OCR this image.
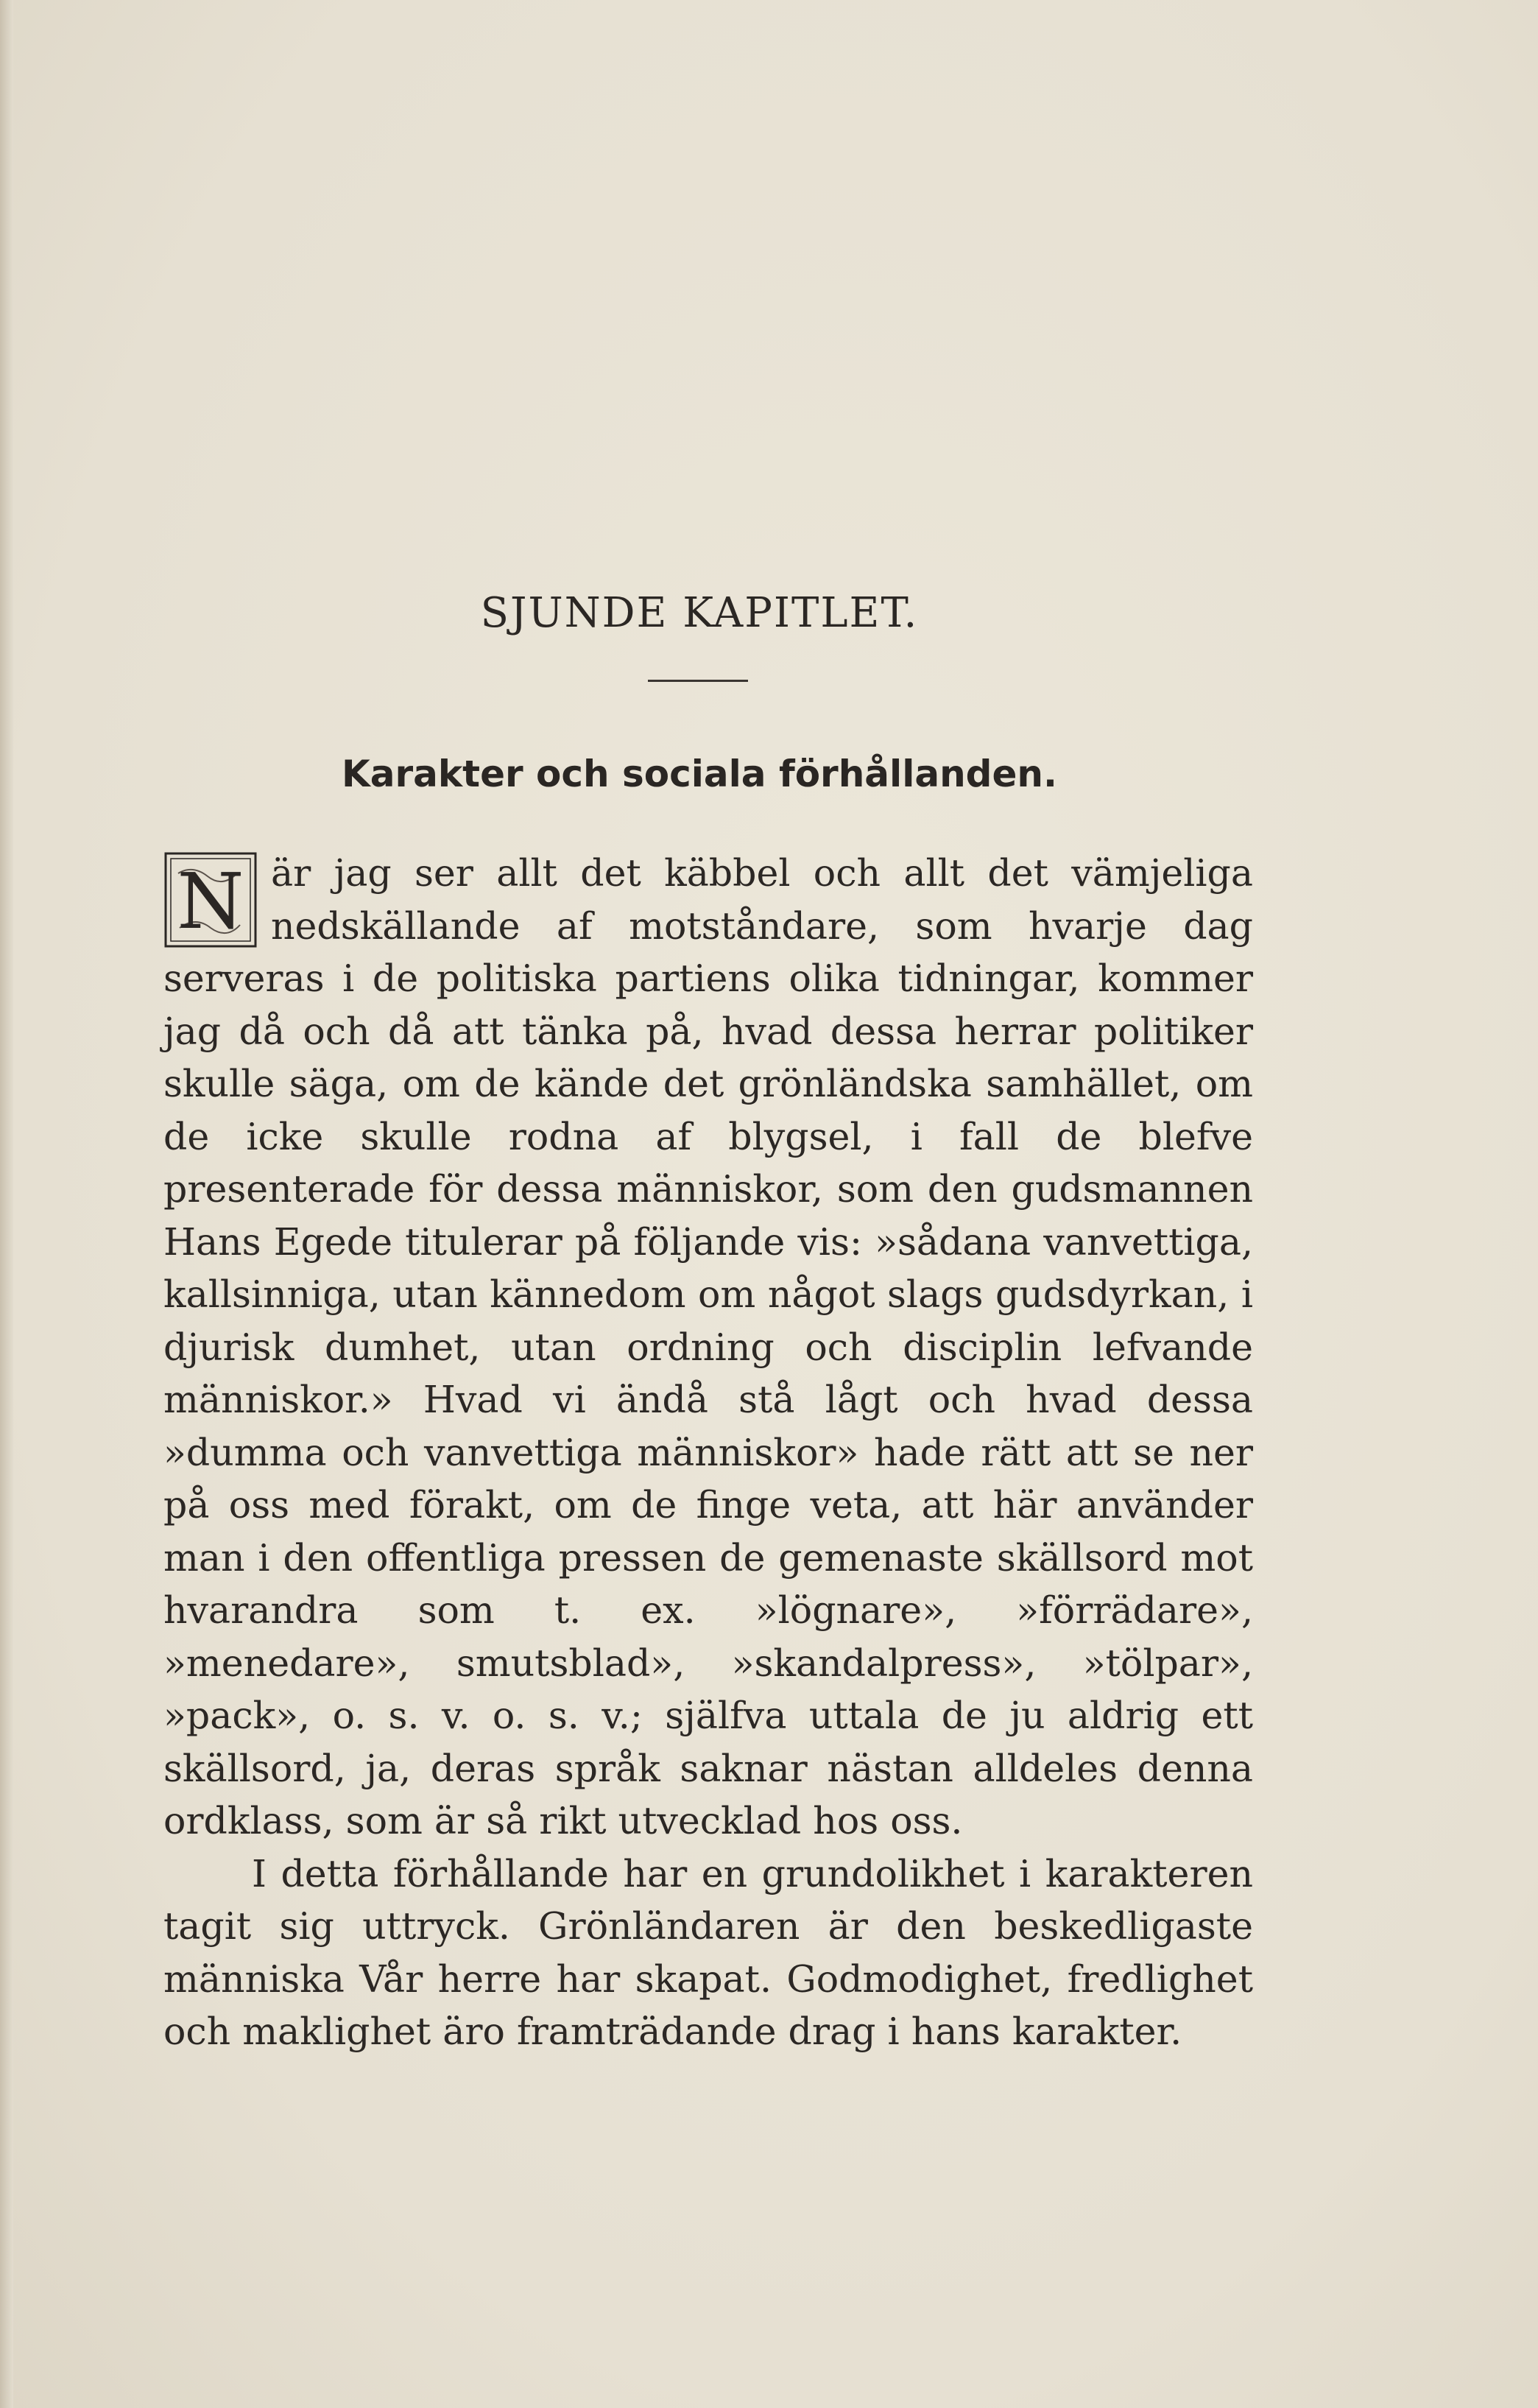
SJUNDE KAPITLET.
Karakter och sociala förhållanden.

N är jag ser allt det käbbel och allt det vämjeliga nedskällande af motståndare, som hvarje dag serveras i de politiska partiens olika tidningar, kommer jag då och då att tänka på, hvad dessa herrar politiker skulle säga, om de kände det grönländska samhället, om de icke skulle rodna af blygsel, i fall de blefve presenterade för dessa människor, som den gudsmannen Hans Egede titulerar på följande vis: »sådana vanvettiga, kallsinniga, utan kännedom om något slags gudsdyrkan, i djurisk dumhet, utan ordning och disciplin lefvande människor.» Hvad vi ändå stå lågt och hvad dessa »dumma och vanvettiga människor» hade rätt att se ner på oss med förakt, om de finge veta, att här använder man i den offentliga pressen de gemenaste skällsord mot hvarandra som t. ex. »lögnare», »förrädare», »menedare», smutsblad», »skandalpress», »tölpar», »pack», o. s. v. o. s. v.; själfva uttala de ju aldrig ett skällsord, ja, deras språk saknar nästan alldeles denna ordklass, som är så rikt utvecklad hos oss.

I detta förhållande har en grundolikhet i karakteren tagit sig uttryck. Grönländaren är den beskedligaste människa Vår herre har skapat. Godmodighet, fredlighet och maklighet äro framträdande drag i hans karakter.
